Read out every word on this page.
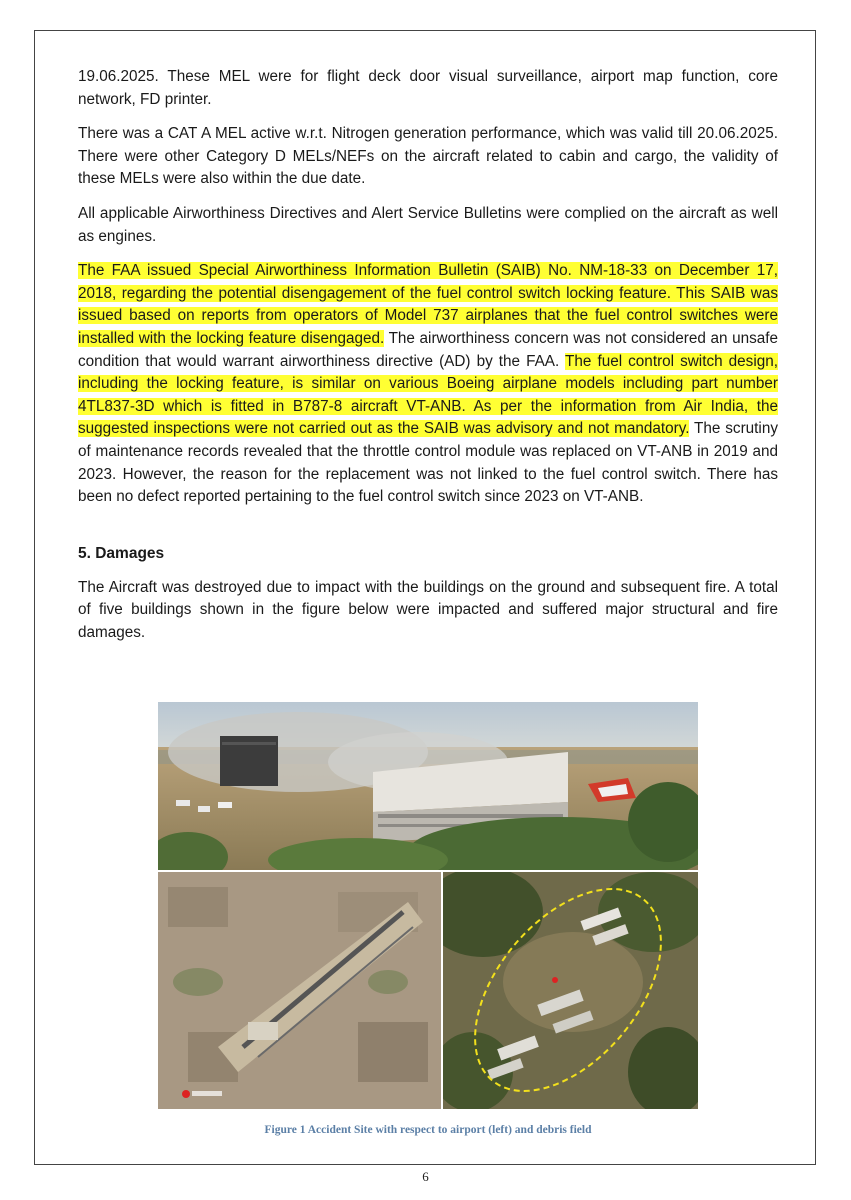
19.06.2025. These MEL were for flight deck door visual surveillance, airport map function, core network, FD printer.

There was a CAT A MEL active w.r.t. Nitrogen generation performance, which was valid till 20.06.2025. There were other Category D MELs/NEFs on the aircraft related to cabin and cargo, the validity of these MELs were also within the due date.

All applicable Airworthiness Directives and Alert Service Bulletins were complied on the aircraft as well as engines.

The FAA issued Special Airworthiness Information Bulletin (SAIB) No. NM-18-33 on December 17, 2018, regarding the potential disengagement of the fuel control switch locking feature. This SAIB was issued based on reports from operators of Model 737 airplanes that the fuel control switches were installed with the locking feature disengaged. The airworthiness concern was not considered an unsafe condition that would warrant airworthiness directive (AD) by the FAA. The fuel control switch design, including the locking feature, is similar on various Boeing airplane models including part number 4TL837-3D which is fitted in B787-8 aircraft VT-ANB. As per the information from Air India, the suggested inspections were not carried out as the SAIB was advisory and not mandatory. The scrutiny of maintenance records revealed that the throttle control module was replaced on VT-ANB in 2019 and 2023. However, the reason for the replacement was not linked to the fuel control switch. There has been no defect reported pertaining to the fuel control switch since 2023 on VT-ANB.

5. Damages

The Aircraft was destroyed due to impact with the buildings on the ground and subsequent fire. A total of five buildings shown in the figure below were impacted and suffered major structural and fire damages.

Figure 1 Accident Site with respect to airport (left) and debris field
6
